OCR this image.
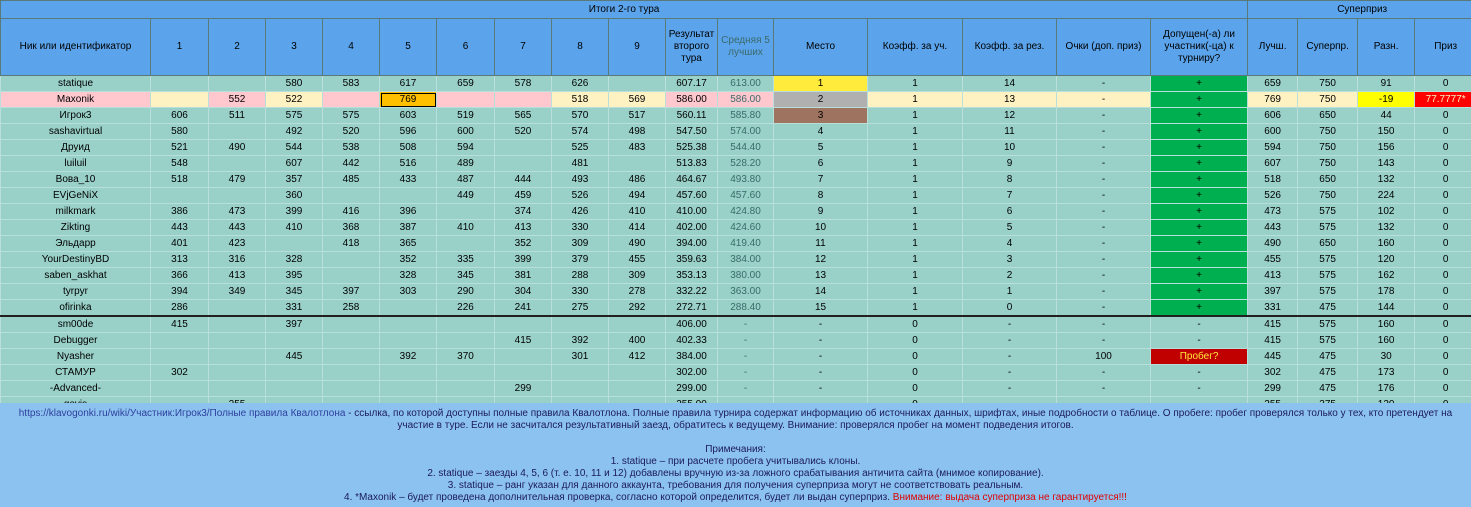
Итоги 2-го тура																	Суперприз			
Ник или идентификатор	1	2	3	4	5	6	7	8	9	Результат второго тура	Средняя 5 лучших	Место	Коэфф. за уч.	Коэфф. за рез.	Очки (доп. приз)	Допущен(-а) ли участник(-ца) к турниру?	Лучш.	Суперпр.	Разн.	Приз
statique			580	583	617	659	578	626		607.17	613.00	1	1	14	-	+	659	750	91	0
Maxonik		552	522		769			518	569	586.00	586.00	2	1	13	-	+	769	750	-19	77.7777*
Игрок3	606	511	575	575	603	519	565	570	517	560.11	585.80	3	1	12	-	+	606	650	44	0
sashavirtual	580		492	520	596	600	520	574	498	547.50	574.00	4	1	11	-	+	600	750	150	0
Друид	521	490	544	538	508	594		525	483	525.38	544.40	5	1	10	-	+	594	750	156	0
luiluil	548		607	442	516	489		481		513.83	528.20	6	1	9	-	+	607	750	143	0
Вова_10	518	479	357	485	433	487	444	493	486	464.67	493.80	7	1	8	-	+	518	650	132	0
EVjGeNiX			360			449	459	526	494	457.60	457.60	8	1	7	-	+	526	750	224	0
milkmark	386	473	399	416	396		374	426	410	410.00	424.80	9	1	6	-	+	473	575	102	0
Zikting	443	443	410	368	387	410	413	330	414	402.00	424.60	10	1	5	-	+	443	575	132	0
Эльдарр	401	423		418	365		352	309	490	394.00	419.40	11	1	4	-	+	490	650	160	0
YourDestinyBD	313	316	328		352	335	399	379	455	359.63	384.00	12	1	3	-	+	455	575	120	0
saben_askhat	366	413	395		328	345	381	288	309	353.13	380.00	13	1	2	-	+	413	575	162	0
tyrpyr	394	349	345	397	303	290	304	330	278	332.22	363.00	14	1	1	-	+	397	575	178	0
ofirinka	286		331	258		226	241	275	292	272.71	288.40	15	1	0	-	+	331	475	144	0
sm00de	415		397							406.00	-	-	0	-	-	-	415	575	160	0
Debugger							415	392	400	402.33	-	-	0	-	-	-	415	575	160	0
Nyasher			445		392	370		301	412	384.00	-	-	0	-	100	Пробег?	445	475	30	0
СТАМУР	302									302.00	-	-	0	-	-	-	302	475	173	0
-Advanced-							299			299.00	-	-	0	-	-	-	299	475	176	0

https://klavogonki.ru/wiki/Участник:Игрок3/Полные правила Квалотлона - ссылка, по которой доступны полные правила Квалотлона. Полные правила турнира содержат информацию об источниках данных, шрифтах, иные подробности о таблице. О пробеге: пробег проверялся только у тех, кто претендует на участие в туре. Если не засчитался результативный заезд, обратитесь к ведущему. Внимание: проверялся пробег на момент подведения итогов.

Примечания:

1. statique – при расчете пробега учитывались клоны.

2. statique – заезды 4, 5, 6 (т. е. 10, 11 и 12) добавлены вручную из-за ложного срабатывания античита сайта (мнимое копирование).

3. statique – ранг указан для данного аккаунта, требования для получения суперприза могут не соответствовать реальным.

4. *Maxonik – будет проведена дополнительная проверка, согласно которой определится, будет ли выдан суперприз. Внимание: выдача суперприза не гарантируется!!!
